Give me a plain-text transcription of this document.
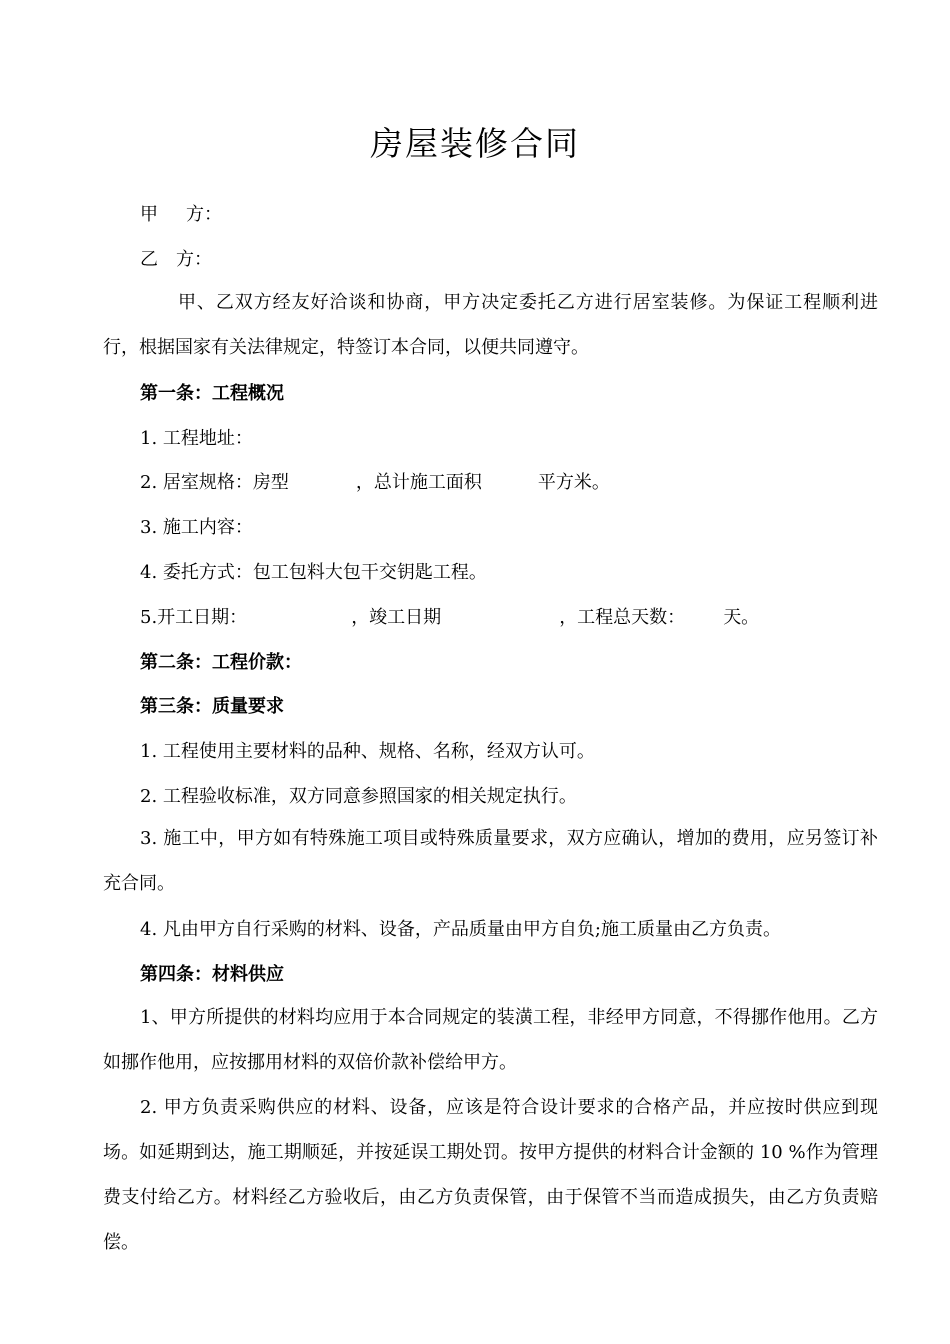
房屋装修合同
甲 方：
乙 方：
甲、乙双方经友好洽谈和协商，甲方决定委托乙方进行居室装修。为保证工程顺利进行，根据国家有关法律规定，特签订本合同，以便共同遵守。
第一条：工程概况
1. 工程地址：
2. 居室规格：房型	，总计施工面积	平方米。
3. 施工内容：
4. 委托方式：包工包料大包干交钥匙工程。
5.开工日期：	，竣工日期	，工程总天数： 天。
第二条：工程价款：
第三条：质量要求
1. 工程使用主要材料的品种、规格、名称，经双方认可。
2. 工程验收标准，双方同意参照国家的相关规定执行。
3. 施工中，甲方如有特殊施工项目或特殊质量要求，双方应确认，增加的费用，应另签订补充合同。
4. 凡由甲方自行采购的材料、设备，产品质量由甲方自负;施工质量由乙方负责。
第四条：材料供应
1、甲方所提供的材料均应用于本合同规定的装潢工程，非经甲方同意，不得挪作他用。乙方如挪作他用，应按挪用材料的双倍价款补偿给甲方。
2. 甲方负责采购供应的材料、设备，应该是符合设计要求的合格产品，并应按时供应到现场。如延期到达，施工期顺延，并按延误工期处罚。按甲方提供的材料合计金额的 10 %作为管理费支付给乙方。材料经乙方验收后，由乙方负责保管，由于保管不当而造成损失，由乙方负责赔偿。
